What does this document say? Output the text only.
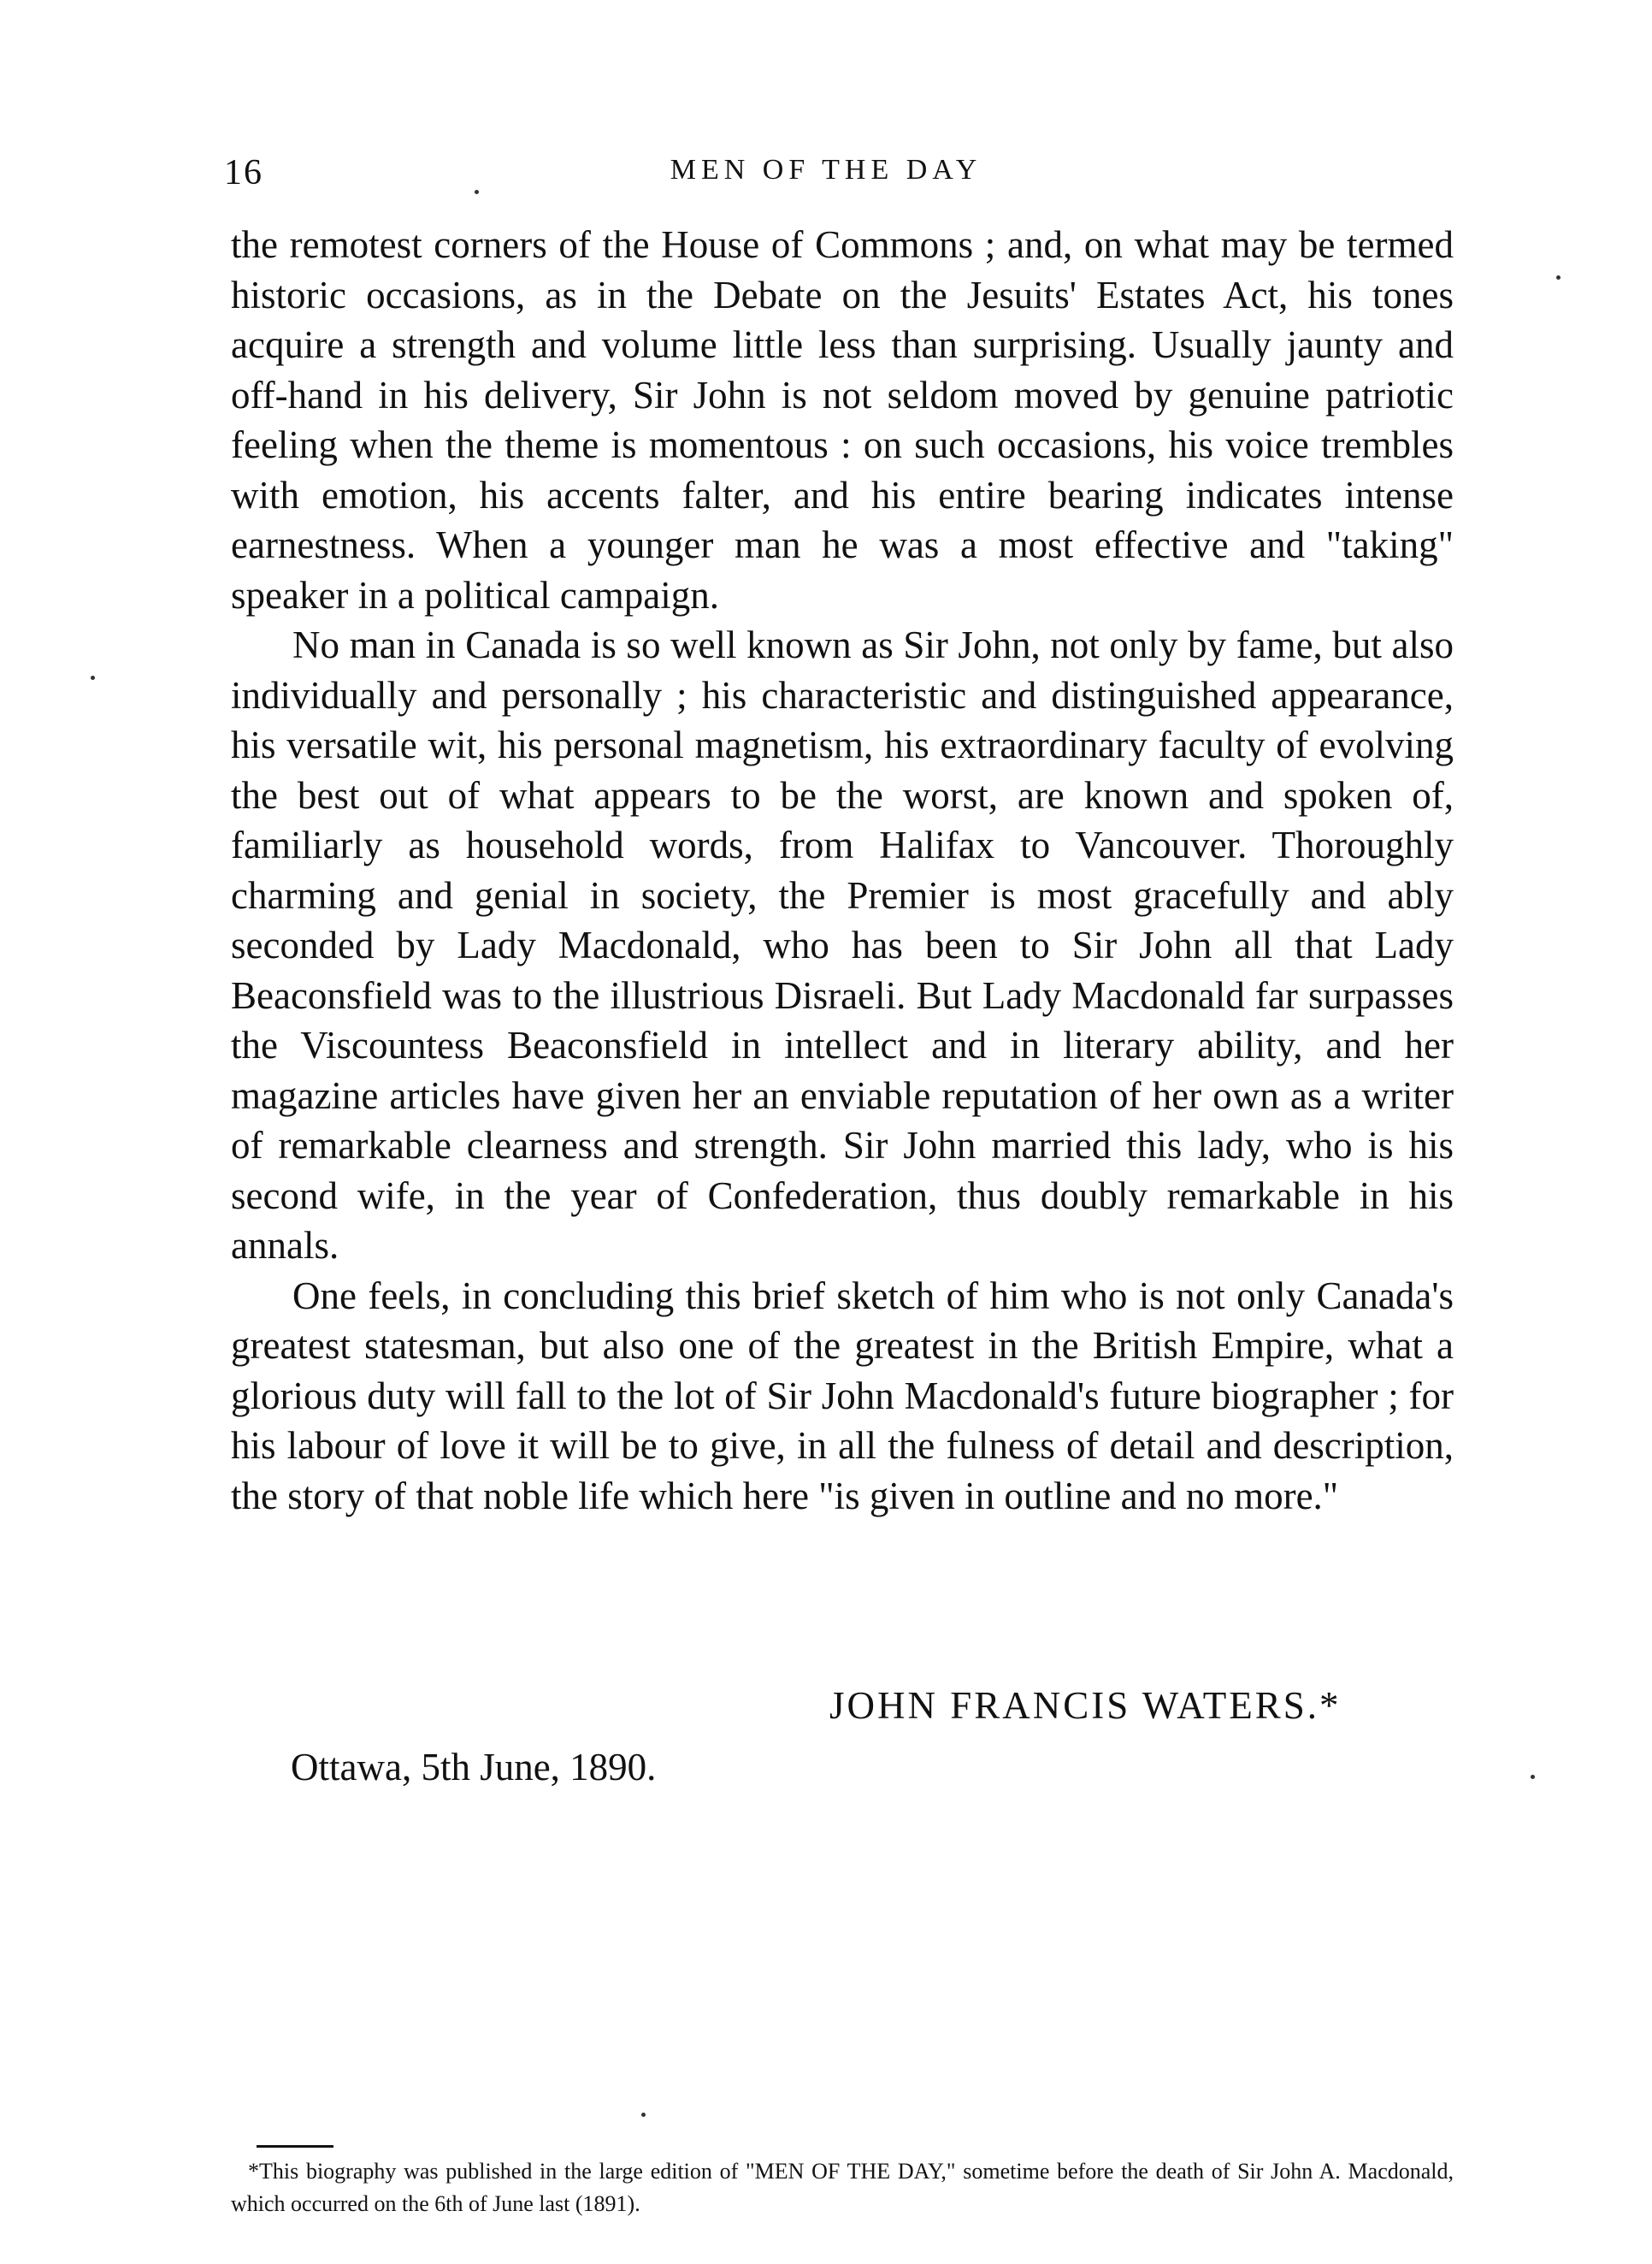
16	MEN OF THE DAY

the remotest corners of the House of Commons ; and, on what may be termed historic occasions, as in the Debate on the Jesuits' Estates Act, his tones acquire a strength and volume little less than surprising. Usually jaunty and off-hand in his delivery, Sir John is not seldom moved by genuine patriotic feeling when the theme is momentous : on such occasions, his voice trembles with emotion, his accents falter, and his entire bearing indicates intense earnestness. When a younger man he was a most effective and "taking" speaker in a political campaign.

No man in Canada is so well known as Sir John, not only by fame, but also individually and personally ; his characteristic and distinguished appearance, his versatile wit, his personal magnetism, his extraordinary faculty of evolving the best out of what appears to be the worst, are known and spoken of, familiarly as household words, from Halifax to Vancouver. Thoroughly charming and genial in society, the Premier is most gracefully and ably seconded by Lady Macdonald, who has been to Sir John all that Lady Beaconsfield was to the illustrious Disraeli. But Lady Macdonald far surpasses the Viscountess Beaconsfield in intellect and in literary ability, and her magazine articles have given her an enviable reputation of her own as a writer of remarkable clearness and strength. Sir John married this lady, who is his second wife, in the year of Confederation, thus doubly remarkable in his annals.

One feels, in concluding this brief sketch of him who is not only Canada's greatest statesman, but also one of the greatest in the British Empire, what a glorious duty will fall to the lot of Sir John Macdonald's future biographer ; for his labour of love it will be to give, in all the fulness of detail and description, the story of that noble life which here "is given in outline and no more."

JOHN FRANCIS WATERS.*
Ottawa, 5th June, 1890.

*This biography was published in the large edition of "MEN OF THE DAY," sometime before the death of Sir John A. Macdonald, which occurred on the 6th of June last (1891).
